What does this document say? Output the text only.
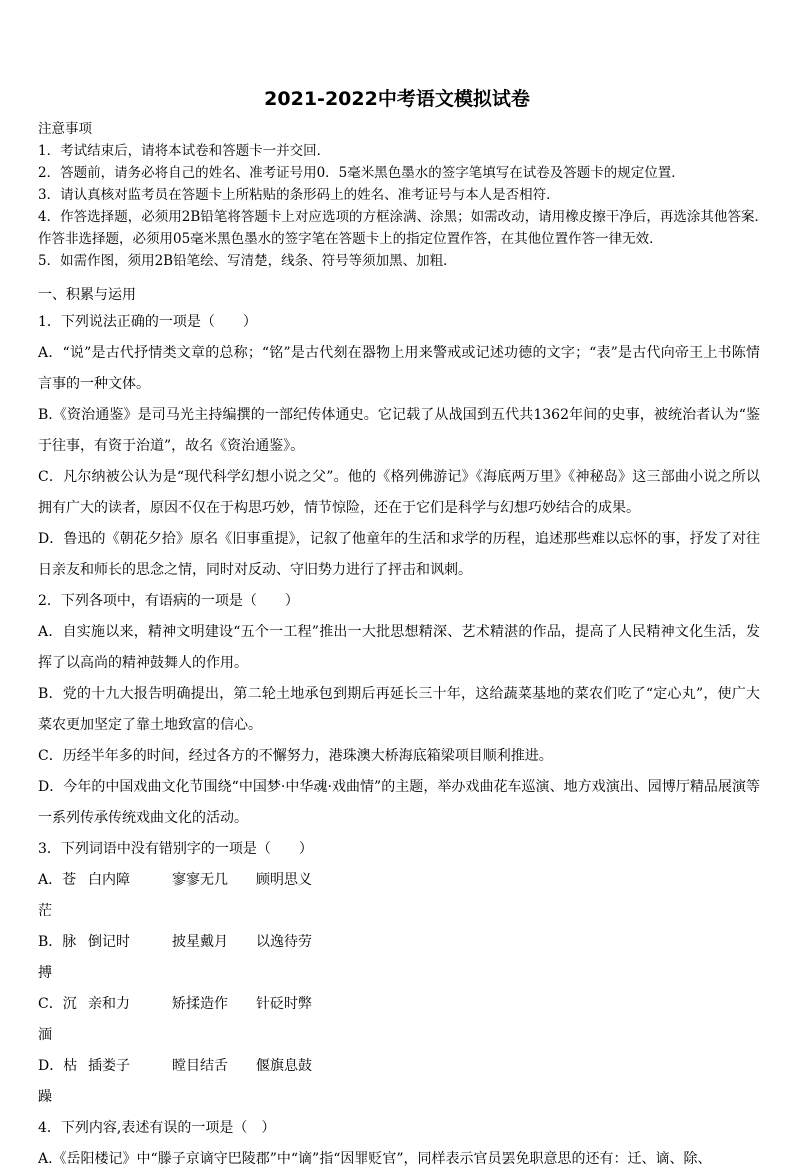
2021-2022中考语文模拟试卷
注意事项
1．考试结束后，请将本试卷和答题卡一并交回．
2．答题前，请务必将自己的姓名、准考证号用0．5毫米黑色墨水的签字笔填写在试卷及答题卡的规定位置．
3．请认真核对监考员在答题卡上所粘贴的条形码上的姓名、准考证号与本人是否相符．
4．作答选择题，必须用2B铅笔将答题卡上对应选项的方框涂满、涂黑；如需改动，请用橡皮擦干净后，再选涂其他答案．作答非选择题，必须用05毫米黑色墨水的签字笔在答题卡上的指定位置作答，在其他位置作答一律无效．
5．如需作图，须用2B铅笔绘、写清楚，线条、符号等须加黑、加粗．
一、积累与运用
1．下列说法正确的一项是（　　）
A．“说”是古代抒情类文章的总称；“铭”是古代刻在器物上用来警戒或记述功德的文字；“表”是古代向帝王上书陈情言事的一种文体。
B.《资治通鉴》是司马光主持编撰的一部纪传体通史。它记载了从战国到五代共1362年间的史事，被统治者认为“鉴于往事，有资于治道”，故名《资治通鉴》。
C．凡尔纳被公认为是“现代科学幻想小说之父”。他的《格列佛游记》《海底两万里》《神秘岛》这三部曲小说之所以拥有广大的读者，原因不仅在于构思巧妙，情节惊险，还在于它们是科学与幻想巧妙结合的成果。
D．鲁迅的《朝花夕拾》原名《旧事重提》，记叙了他童年的生活和求学的历程，追述那些难以忘怀的事，抒发了对往日亲友和师长的思念之情，同时对反动、守旧势力进行了抨击和讽刺。
2．下列各项中，有语病的一项是（　　）
A．自实施以来，精神文明建设“五个一工程”推出一大批思想精深、艺术精湛的作品，提高了人民精神文化生活，发挥了以高尚的精神鼓舞人的作用。
B．党的十九大报告明确提出，第二轮土地承包到期后再延长三十年，这给蔬菜基地的菜农们吃了“定心丸”，使广大菜农更加坚定了靠土地致富的信心。
C．历经半年多的时间，经过各方的不懈努力，港珠澳大桥海底箱梁项目顺利推进。
D．今年的中国戏曲文化节围绕“中国梦·中华魂·戏曲情”的主题，举办戏曲花车巡演、地方戏演出、园博厅精品展演等一系列传承传统戏曲文化的活动。
3．下列词语中没有错别字的一项是（　　）
A．苍茫
白内障	寥寥无几	顾明思义
B．脉搏
倒记时	披星戴月	以逸待劳
C．沉湎
亲和力	矫揉造作	针砭时弊
D．枯躁
插娄子	瞠目结舌	偃旗息鼓
4．下列内容,表述有误的一项是（　）
A.《岳阳楼记》中“滕子京谪守巴陵郡”中“谪”指“因罪贬官”，同样表示官员罢免职意思的还有：迁、谪、除、
